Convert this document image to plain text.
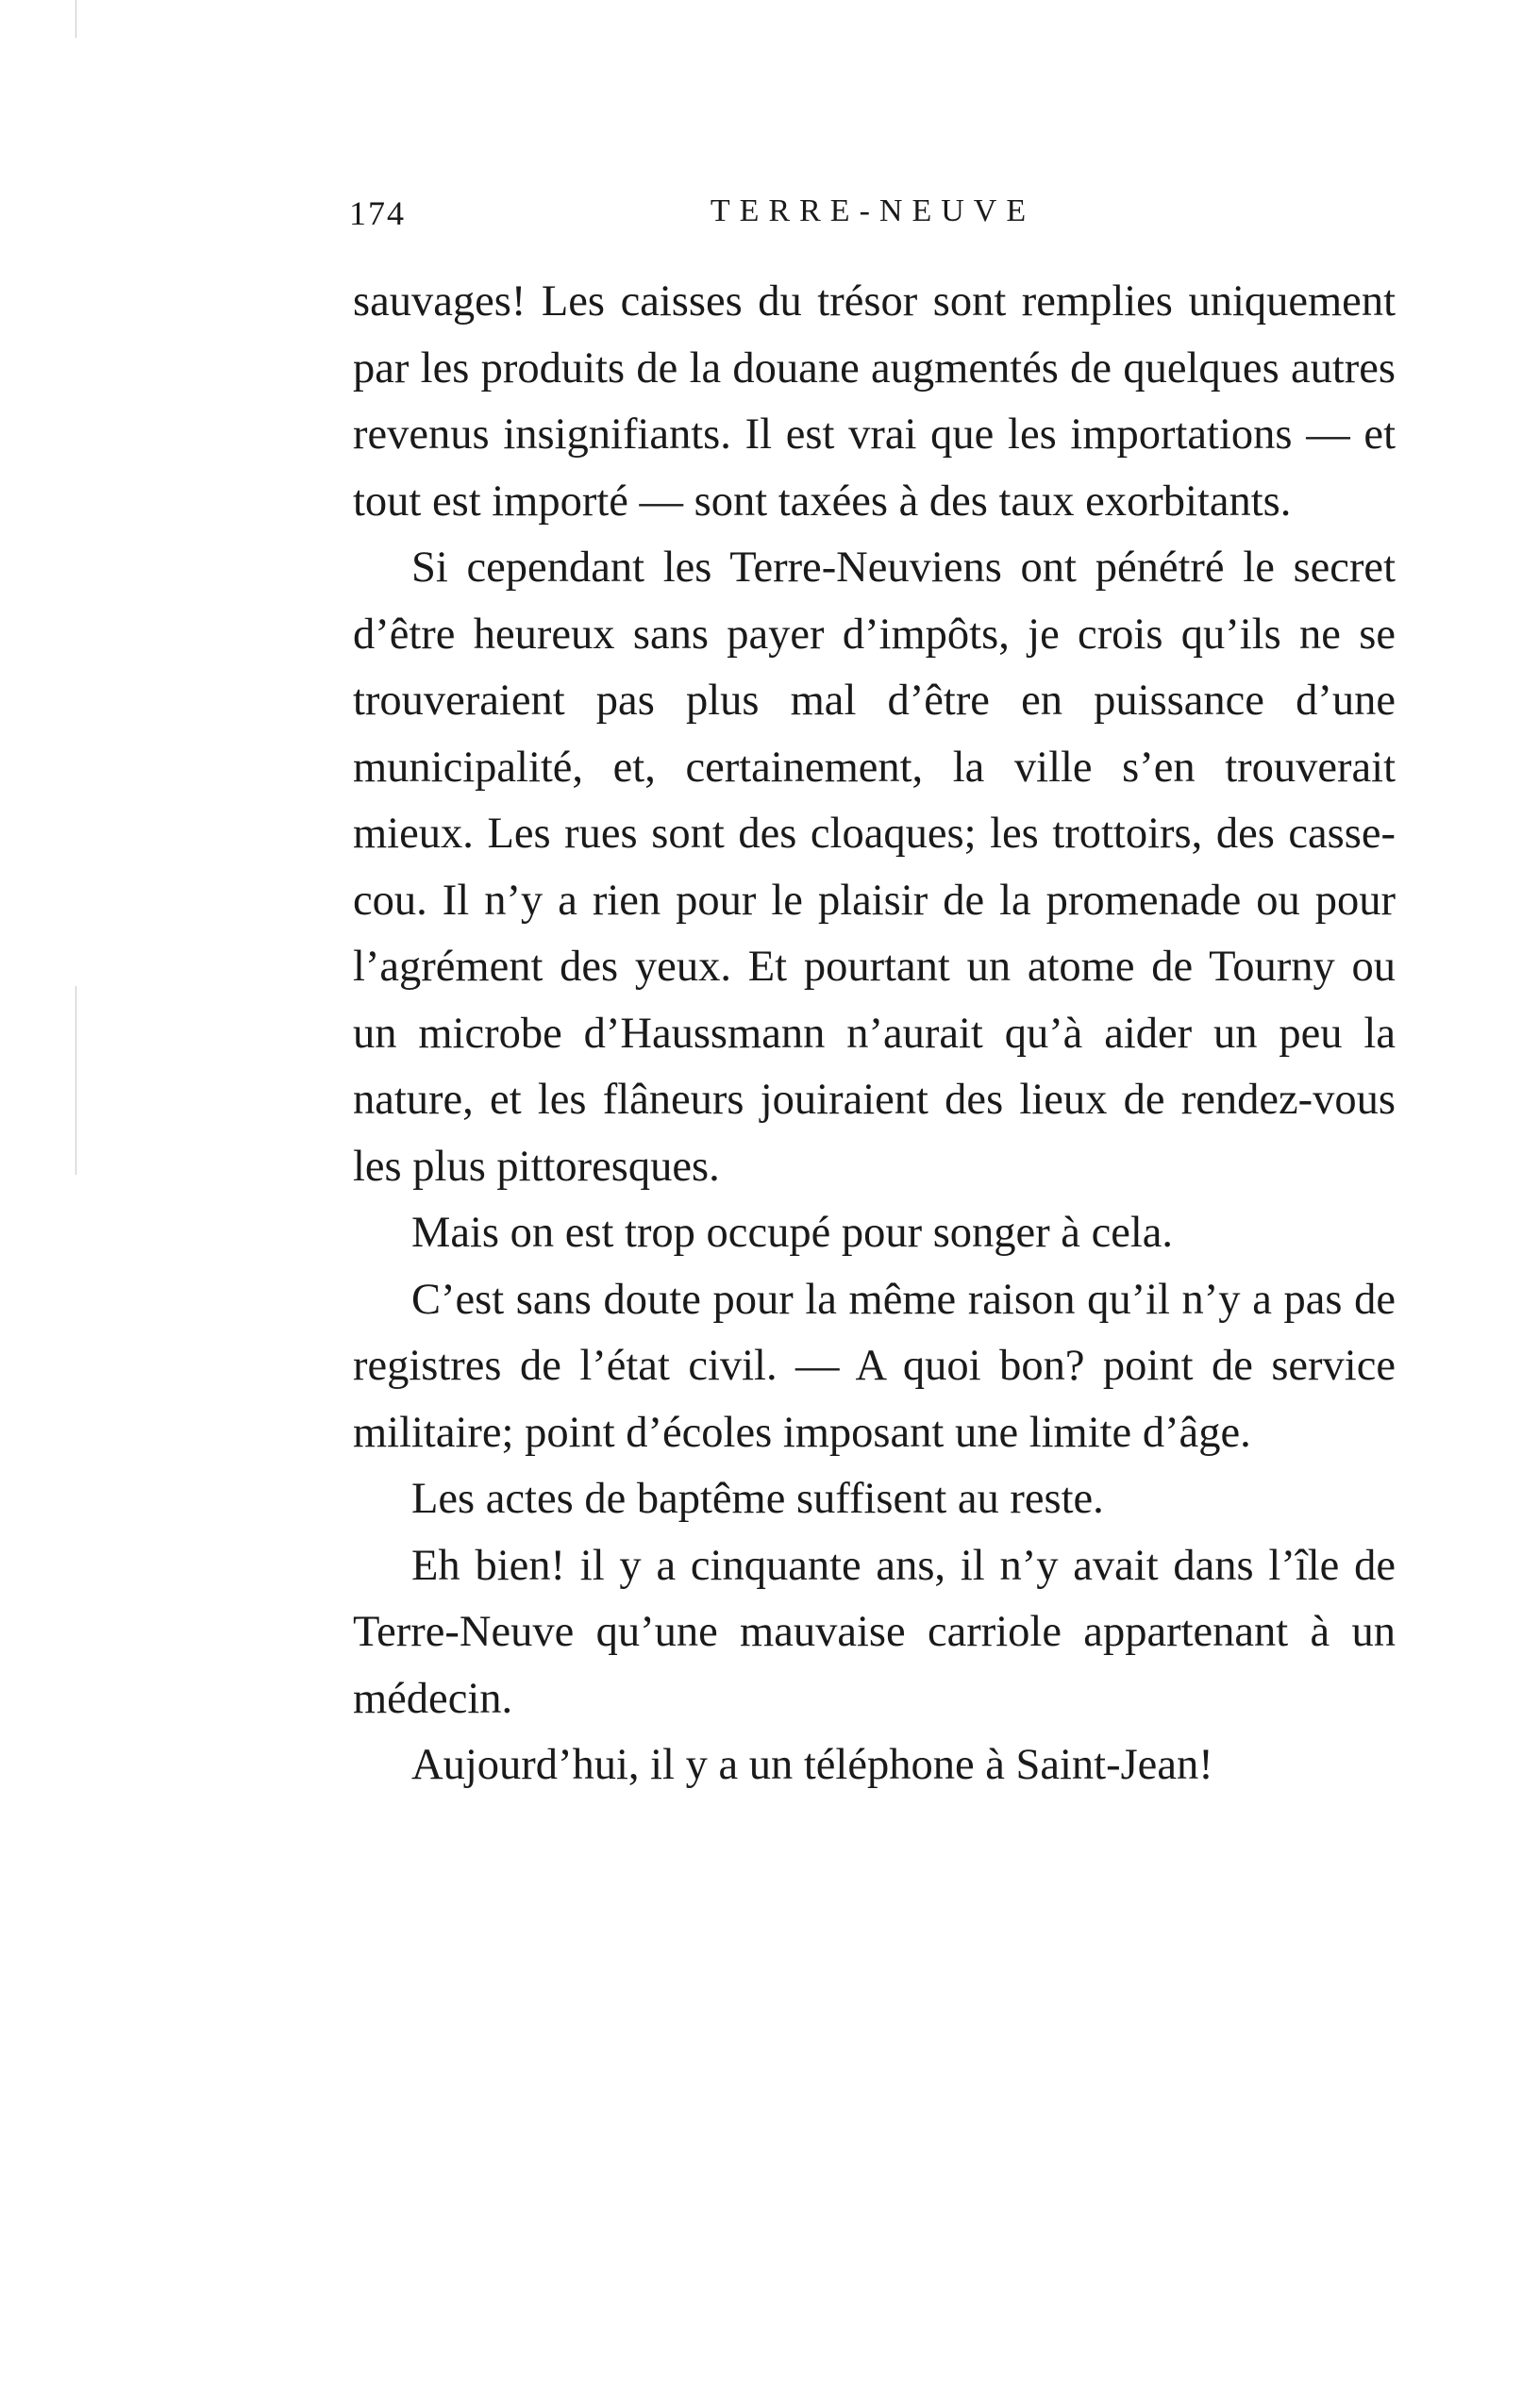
174	TERRE-NEUVE

sauvages! Les caisses du trésor sont remplies uniquement par les produits de la douane augmentés de quelques autres revenus insignifiants. Il est vrai que les importations — et tout est importé — sont taxées à des taux exorbitants.

Si cependant les Terre-Neuviens ont pénétré le secret d’être heureux sans payer d’impôts, je crois qu’ils ne se trouveraient pas plus mal d’être en puissance d’une municipalité, et, certainement, la ville s’en trouverait mieux. Les rues sont des cloaques; les trottoirs, des casse-cou. Il n’y a rien pour le plaisir de la promenade ou pour l’agrément des yeux. Et pourtant un atome de Tourny ou un microbe d’Haussmann n’aurait qu’à aider un peu la nature, et les flâneurs jouiraient des lieux de rendez-vous les plus pittoresques.

Mais on est trop occupé pour songer à cela.

C’est sans doute pour la même raison qu’il n’y a pas de registres de l’état civil. — A quoi bon? point de service militaire; point d’écoles imposant une limite d’âge.

Les actes de baptême suffisent au reste.

Eh bien! il y a cinquante ans, il n’y avait dans l’île de Terre-Neuve qu’une mauvaise carriole appartenant à un médecin.

Aujourd’hui, il y a un téléphone à Saint-Jean!
